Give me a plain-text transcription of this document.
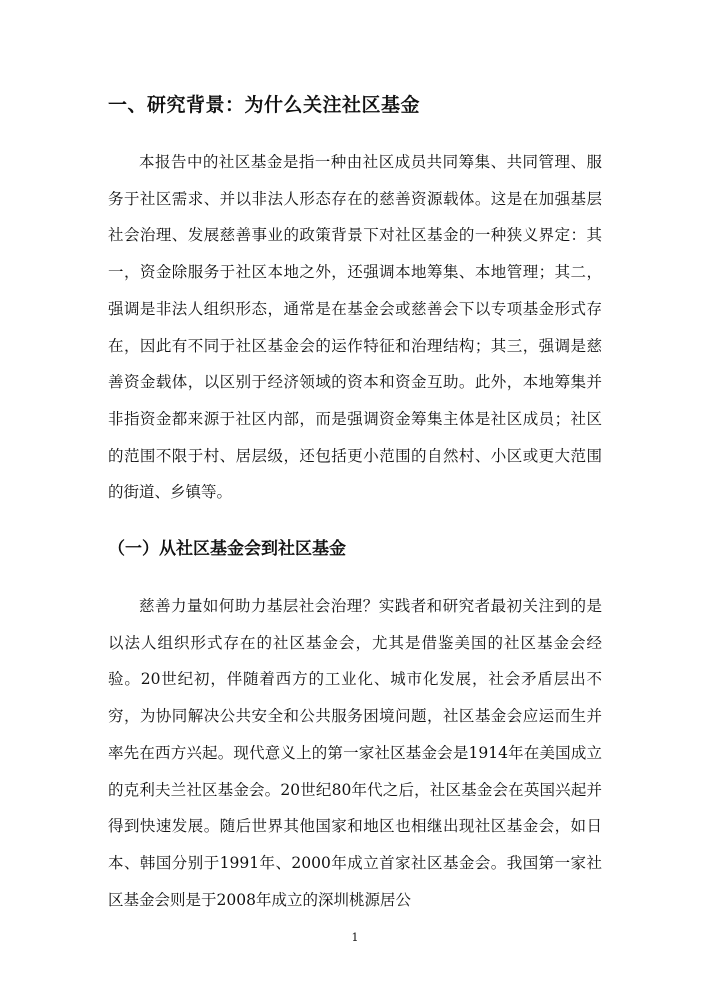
一、研究背景：为什么关注社区基金

本报告中的社区基金是指一种由社区成员共同筹集、共同管理、服务于社区需求、并以非法人形态存在的慈善资源载体。这是在加强基层社会治理、发展慈善事业的政策背景下对社区基金的一种狭义界定：其一，资金除服务于社区本地之外，还强调本地筹集、本地管理；其二，强调是非法人组织形态，通常是在基金会或慈善会下以专项基金形式存在，因此有不同于社区基金会的运作特征和治理结构；其三，强调是慈善资金载体，以区别于经济领域的资本和资金互助。此外，本地筹集并非指资金都来源于社区内部，而是强调资金筹集主体是社区成员；社区的范围不限于村、居层级，还包括更小范围的自然村、小区或更大范围的街道、乡镇等。

（一）从社区基金会到社区基金

慈善力量如何助力基层社会治理？实践者和研究者最初关注到的是以法人组织形式存在的社区基金会，尤其是借鉴美国的社区基金会经验。20世纪初，伴随着西方的工业化、城市化发展，社会矛盾层出不穷，为协同解决公共安全和公共服务困境问题，社区基金会应运而生并率先在西方兴起。现代意义上的第一家社区基金会是1914年在美国成立的克利夫兰社区基金会。20世纪80年代之后，社区基金会在英国兴起并得到快速发展。随后世界其他国家和地区也相继出现社区基金会，如日本、韩国分别于1991年、2000年成立首家社区基金会。我国第一家社区基金会则是于2008年成立的深圳桃源居公

1
